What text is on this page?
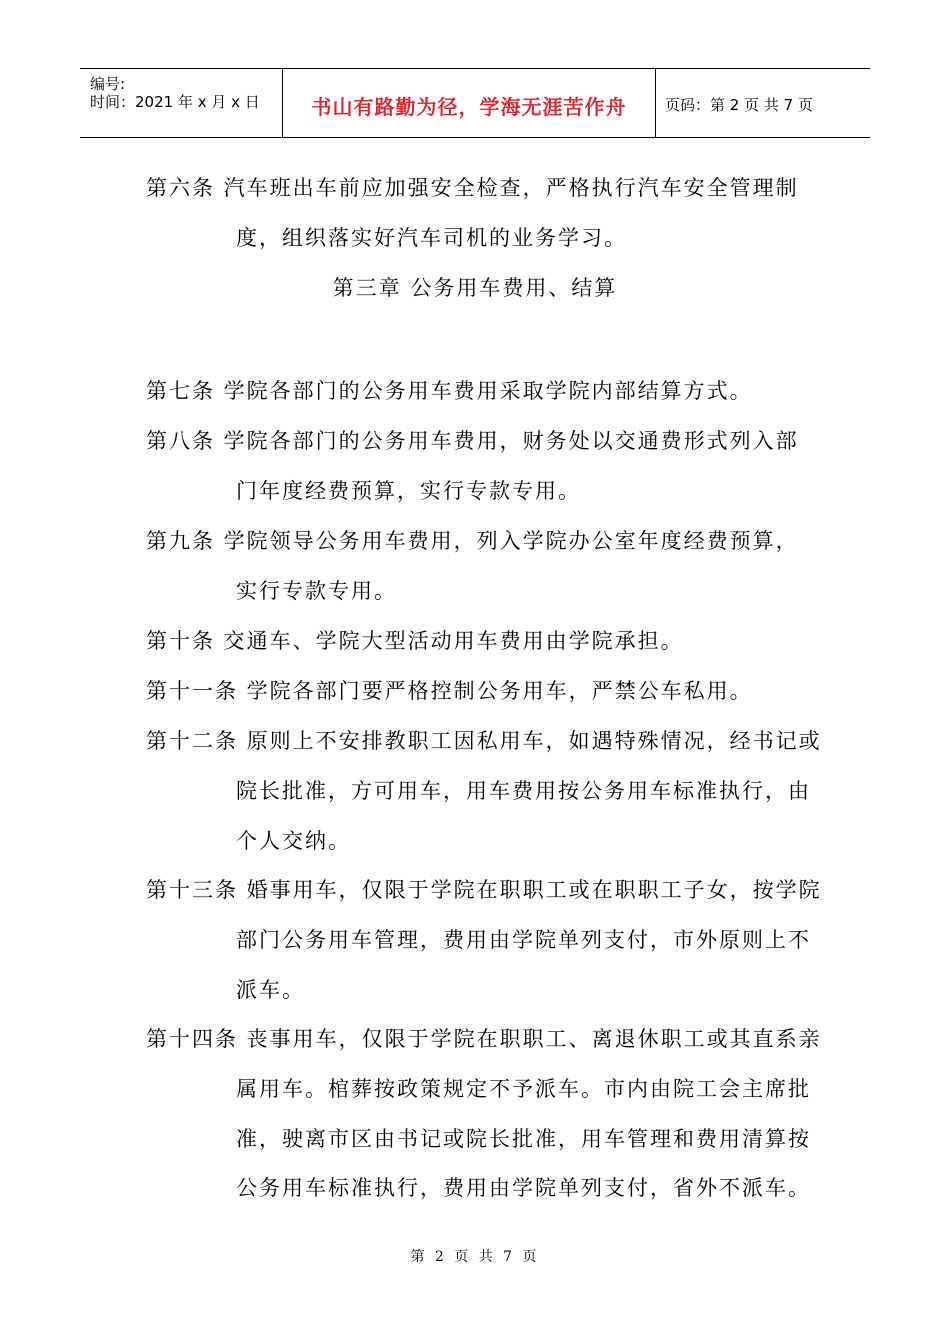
编号:
时间：2021 年 x 月 x 日	书山有路勤为径，学海无涯苦作舟	页码：第 2 页 共 7 页
第六条 汽车班出车前应加强安全检查，严格执行汽车安全管理制
度，组织落实好汽车司机的业务学习。
第三章 公务用车费用、结算
第七条 学院各部门的公务用车费用采取学院内部结算方式。
第八条 学院各部门的公务用车费用，财务处以交通费形式列入部
门年度经费预算，实行专款专用。
第九条 学院领导公务用车费用，列入学院办公室年度经费预算，
实行专款专用。
第十条 交通车、学院大型活动用车费用由学院承担。
第十一条 学院各部门要严格控制公务用车，严禁公车私用。
第十二条 原则上不安排教职工因私用车，如遇特殊情况，经书记或
院长批准，方可用车，用车费用按公务用车标准执行，由
个人交纳。
第十三条 婚事用车，仅限于学院在职职工或在职职工子女，按学院
部门公务用车管理，费用由学院单列支付，市外原则上不
派车。
第十四条 丧事用车，仅限于学院在职职工、离退休职工或其直系亲
属用车。棺葬按政策规定不予派车。市内由院工会主席批
准，驶离市区由书记或院长批准，用车管理和费用清算按
公务用车标准执行，费用由学院单列支付，省外不派车。
第 2 页 共 7 页
